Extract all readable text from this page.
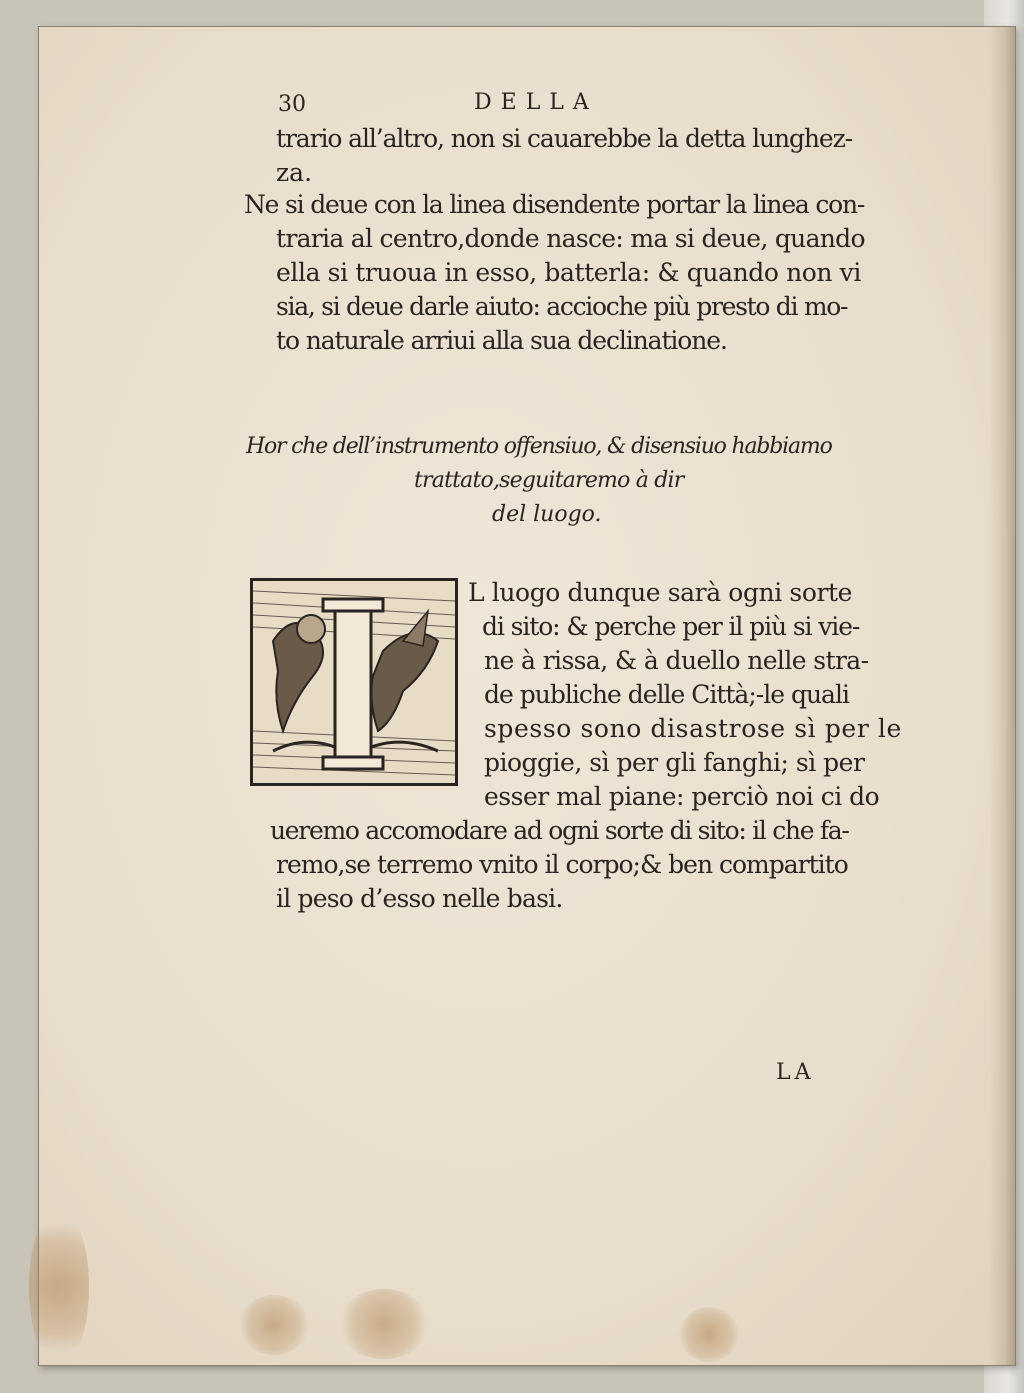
30	DELLA
trario all’altro, non si cauarebbe la detta lunghez-
za.
Ne si deue con la linea disendente portar la linea con-
traria al centro,donde nasce: ma si deue, quando
ella si truoua in esso, batterla: & quando non vi
sia, si deue darle aiuto: accioche più presto di mo-
to naturale arriui alla sua declinatione.
Hor che dell’instrumento offensiuo, & disensiuo habbiamo
trattato,seguitaremo à dir
del luogo.
L luogo dunque sarà ogni sorte
di sito: & perche per il più si vie-
ne à rissa, & à duello nelle stra-
de publiche delle Città;-le quali
spesso sono disastrose sì per le
pioggie, sì per gli fanghi; sì per
esser mal piane: perciò noi ci do
ueremo accomodare ad ogni sorte di sito: il che fa-
remo,se terremo vnito il corpo;& ben compartito
il peso d’esso nelle basi.
LA
